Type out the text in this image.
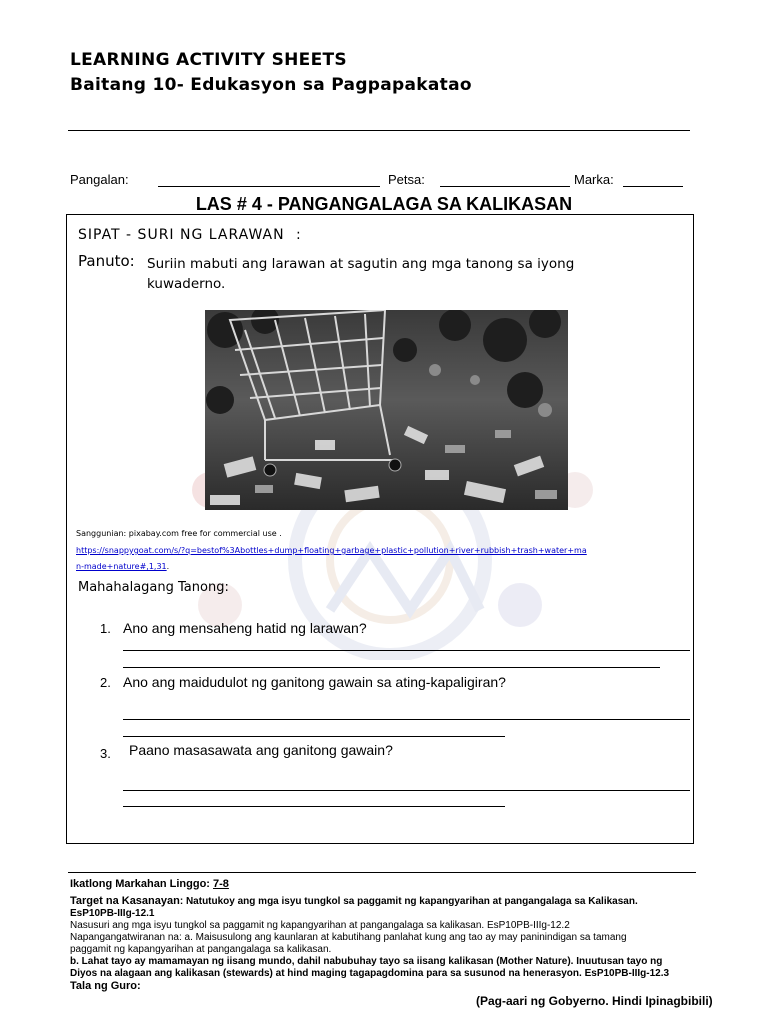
LEARNING ACTIVITY SHEETS
Baitang 10- Edukasyon sa Pagpapakatao
Pangalan:	Petsa:	Marka:
LAS # 4 - PANGANGALAGA SA KALIKASAN
SIPAT - SURI NG LARAWAN :
Panuto: Suriin mabuti ang larawan at sagutin ang mga tanong sa iyong
kuwaderno.
Sanggunian: pixabay.com free for commercial use .
https://snappygoat.com/s/?q=bestof%3Abottles+dump+floating+garbage+plastic+pollution+river+rubbish+trash+water+ma
n-made+nature#,1,31.
Mahahalagang Tanong:
1. Ano ang mensaheng hatid ng larawan?
2. Ano ang maidudulot ng ganitong gawain sa ating-kapaligiran?
3. Paano masasawata ang ganitong gawain?
Ikatlong Markahan Linggo: 7-8
Target na Kasanayan: Natutukoy ang mga isyu tungkol sa paggamit ng kapangyarihan at pangangalaga sa Kalikasan.
EsP10PB-IIIg-12.1
Nasusuri ang mga isyu tungkol sa paggamit ng kapangyarihan at pangangalaga sa kalikasan. EsP10PB-IIIg-12.2
Napangangatwiranan na: a. Maisusulong ang kaunlaran at kabutihang panlahat kung ang tao ay may paninindigan sa tamang
paggamit ng kapangyarihan at pangangalaga sa kalikasan.
b. Lahat tayo ay mamamayan ng iisang mundo, dahil nabubuhay tayo sa iisang kalikasan (Mother Nature). Inuutusan tayo ng
Diyos na alagaan ang kalikasan (stewards) at hind maging tagapagdomina para sa susunod na henerasyon. EsP10PB-IIIg-12.3
Tala ng Guro:
(Pag-aari ng Gobyerno. Hindi Ipinagbibili)
